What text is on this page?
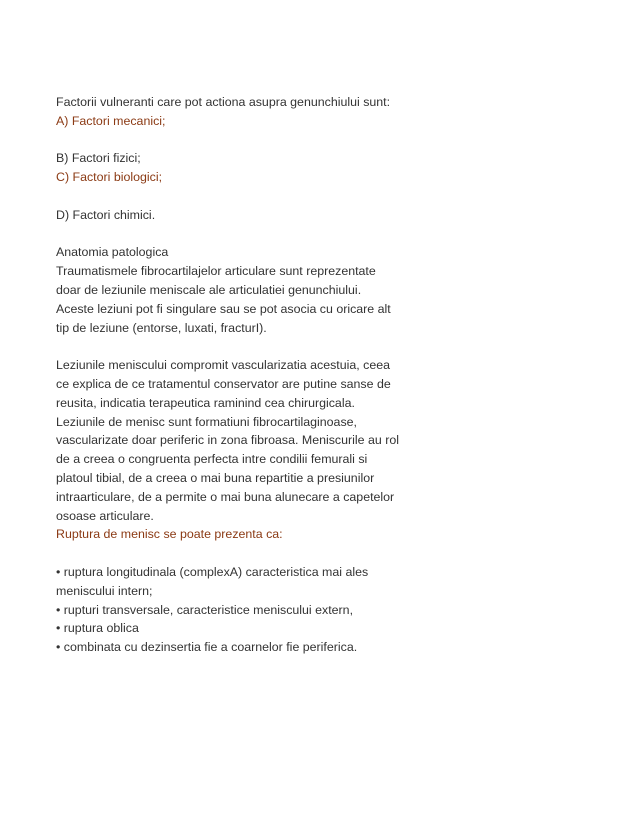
Factorii vulneranti care pot actiona asupra genunchiului sunt:

A) Factori mecanici;

B) Factori fizici;

C) Factori biologici;

D) Factori chimici.

Anatomia patologica

Traumatismele fibrocartilajelor articulare sunt reprezentate

doar de leziunile meniscale ale articulatiei genunchiului.

Aceste leziuni pot fi singulare sau se pot asocia cu oricare alt

tip de leziune (entorse, luxati, fracturI).

Leziunile meniscului compromit vascularizatia acestuia, ceea

ce explica de ce tratamentul conservator are putine sanse de

reusita, indicatia terapeutica raminind cea chirurgicala.

Leziunile de menisc sunt formatiuni fibrocartilaginoase,

vascularizate doar periferic in zona fibroasa. Meniscurile au rol

de a creea o congruenta perfecta intre condilii femurali si

platoul tibial, de a creea o mai buna repartitie a presiunilor

intraarticulare, de a permite o mai buna alunecare a capetelor

osoase articulare.

Ruptura de menisc se poate prezenta ca:

• ruptura longitudinala (complexA) caracteristica mai ales

meniscului intern;

• rupturi transversale, caracteristice meniscului extern,

• ruptura oblica

• combinata cu dezinsertia fie a coarnelor fie periferica.
